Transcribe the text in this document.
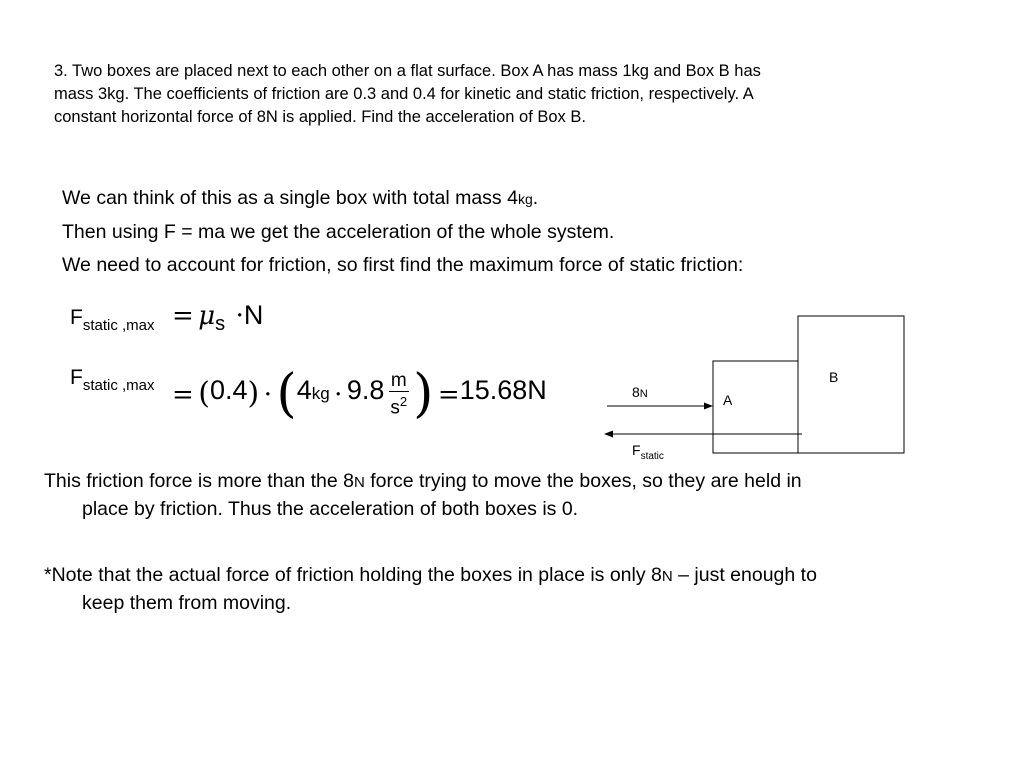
3. Two boxes are placed next to each other on a flat surface. Box A has mass 1kg and Box B has
mass 3kg. The coefficients of friction are 0.3 and 0.4 for kinetic and static friction, respectively. A
constant horizontal force of 8N is applied. Find the acceleration of Box B.
We can think of this as a single box with total mass 4kg.
Then using F = ma we get the acceleration of the whole system.
We need to account for friction, so first find the maximum force of static friction:
Fstatic ,max = μs ·N
Fstatic $,\max = (0.4) \cdot (4kg \cdot 9.8 \frac{m}{s^2}$ ) =15.68N	8N	A
B
$F_{static}$
This friction force is more than the 8N force trying to move the boxes, so they are held in
place by friction. Thus the acceleration of both boxes is 0.
*Note that the actual force of friction holding the boxes in place is only 8N – just enough to
keep them from moving.
